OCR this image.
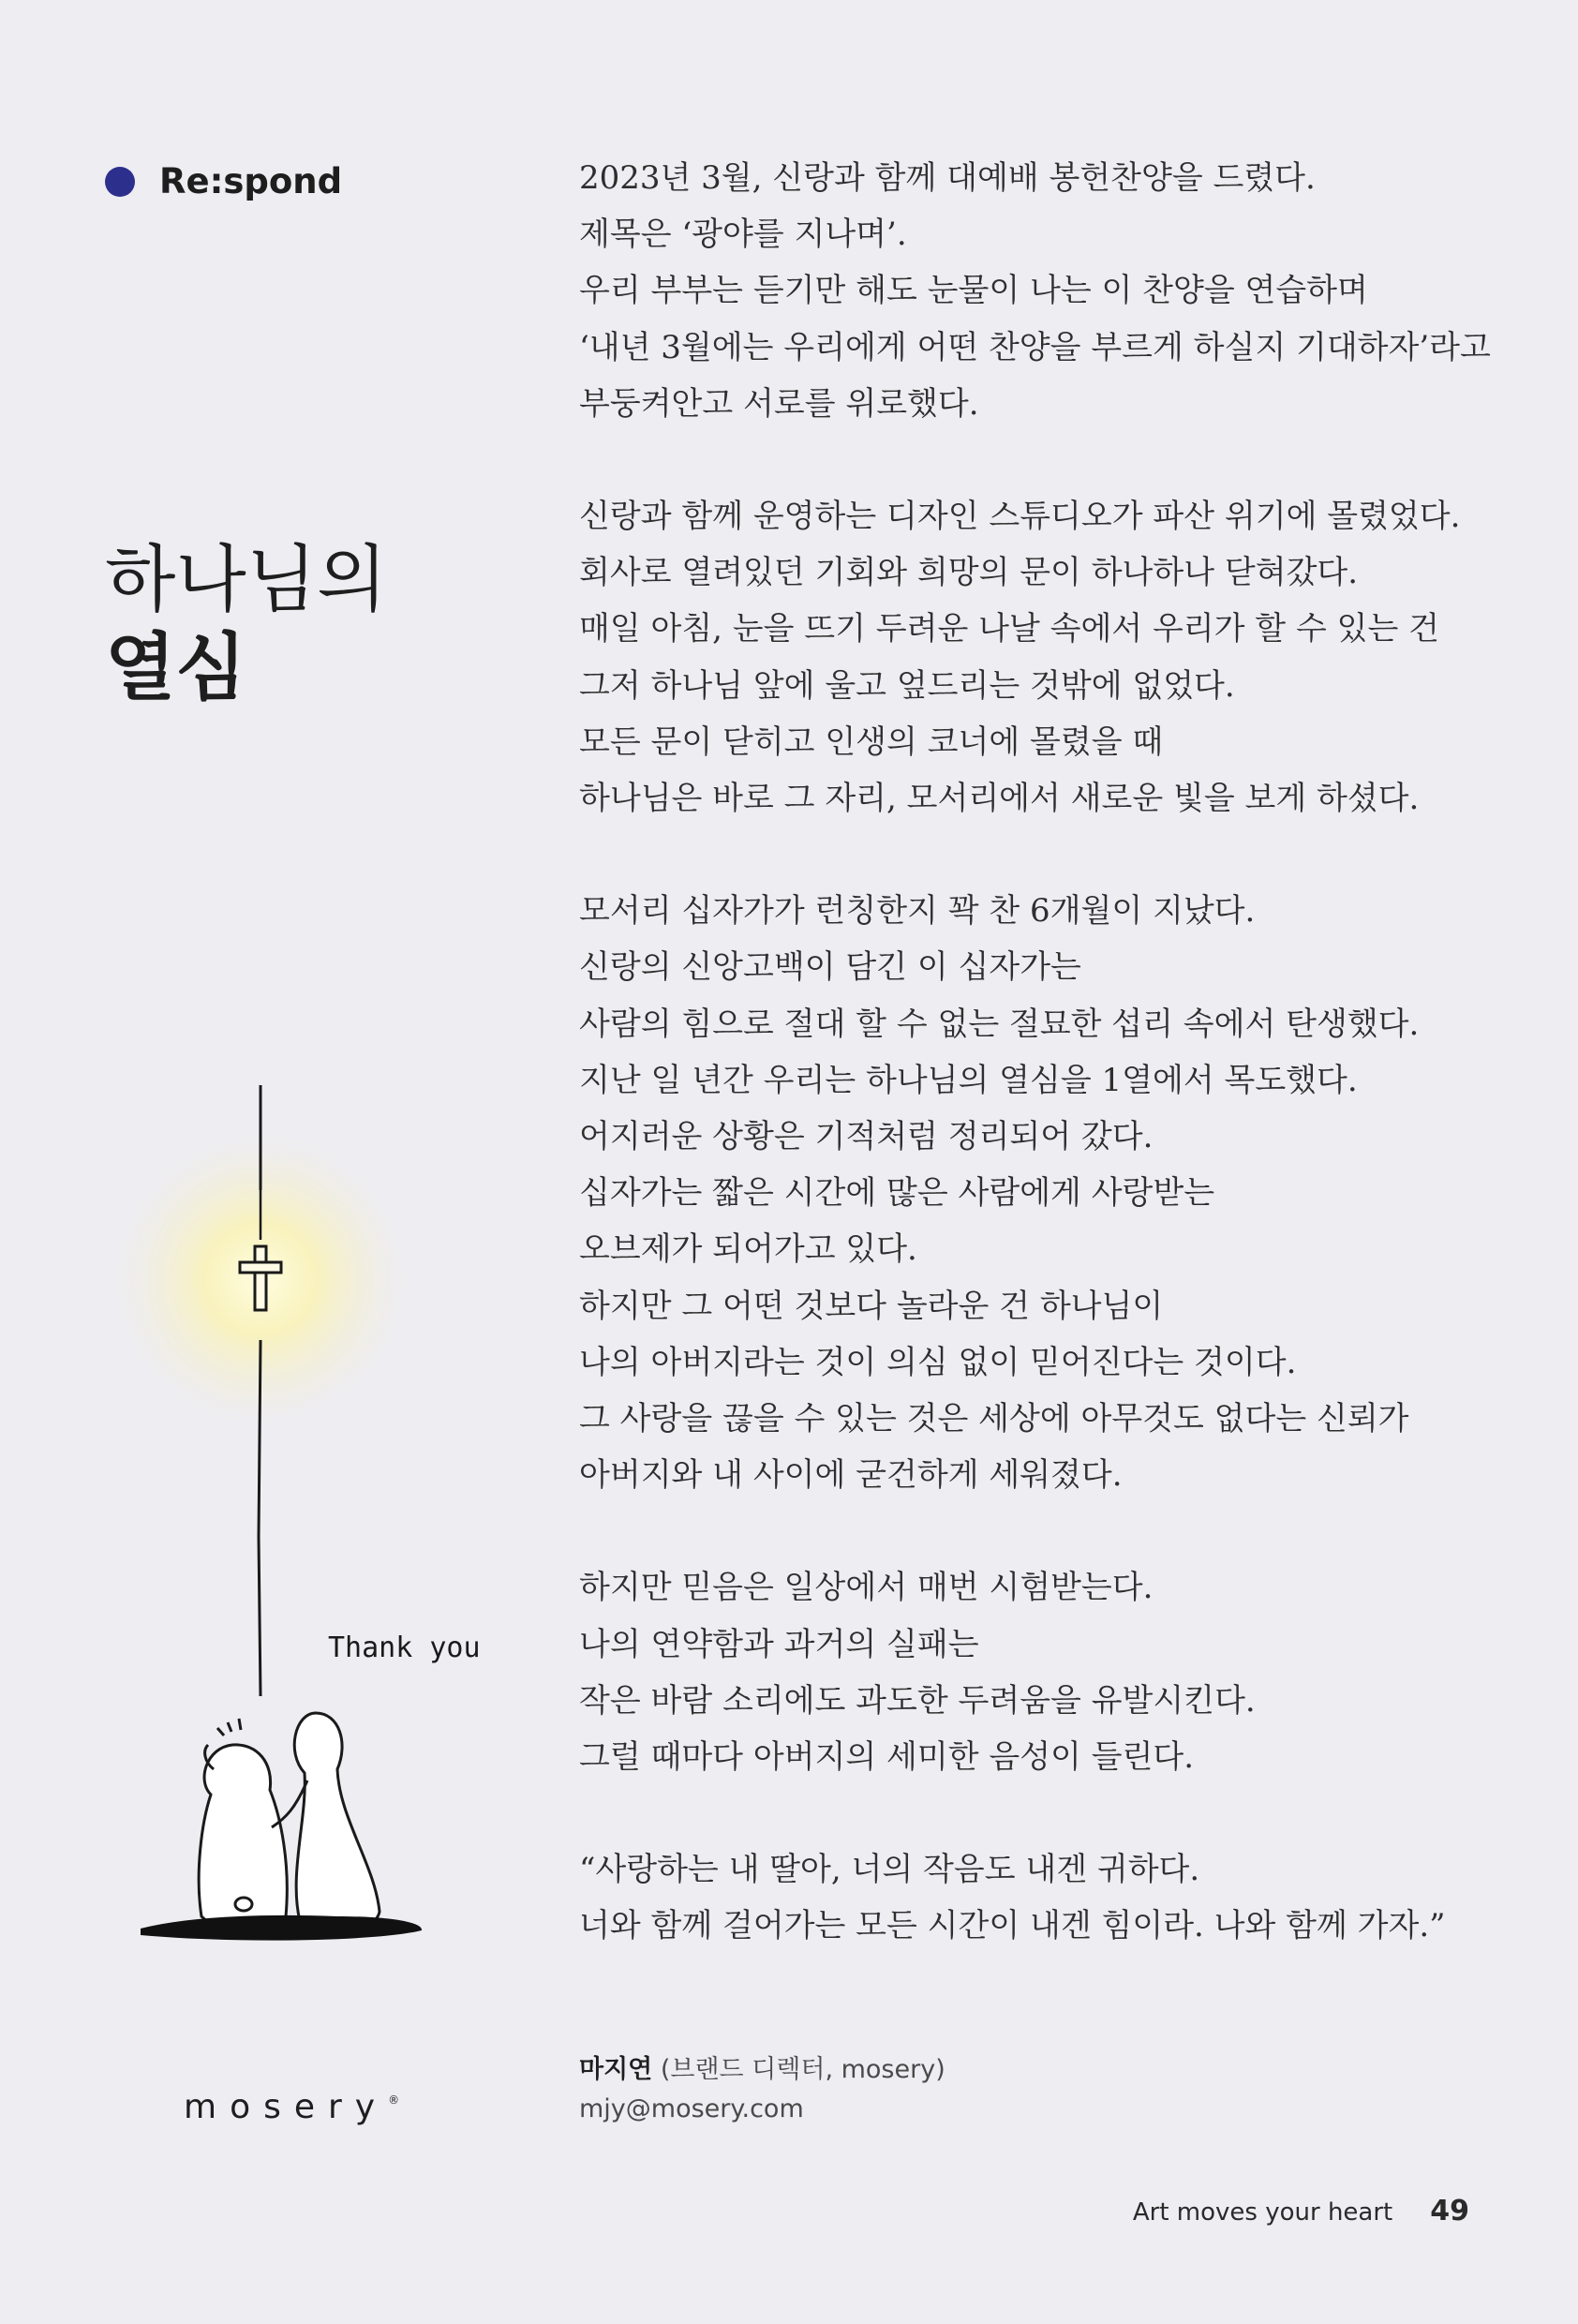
Re:spond
하나님의

열심

2023년 3월, 신랑과 함께 대예배 봉헌찬양을 드렸다.
제목은 ‘광야를 지나며’.
우리 부부는 듣기만 해도 눈물이 나는 이 찬양을 연습하며
‘내년 3월에는 우리에게 어떤 찬양을 부르게 하실지 기대하자’라고
부둥켜안고 서로를 위로했다.

신랑과 함께 운영하는 디자인 스튜디오가 파산 위기에 몰렸었다.
회사로 열려있던 기회와 희망의 문이 하나하나 닫혀갔다.
매일 아침, 눈을 뜨기 두려운 나날 속에서 우리가 할 수 있는 건
그저 하나님 앞에 울고 엎드리는 것밖에 없었다.
모든 문이 닫히고 인생의 코너에 몰렸을 때
하나님은 바로 그 자리, 모서리에서 새로운 빛을 보게 하셨다.

모서리 십자가가 런칭한지 꽉 찬 6개월이 지났다.
신랑의 신앙고백이 담긴 이 십자가는
사람의 힘으로 절대 할 수 없는 절묘한 섭리 속에서 탄생했다.
지난 일 년간 우리는 하나님의 열심을 1열에서 목도했다.
어지러운 상황은 기적처럼 정리되어 갔다.
십자가는 짧은 시간에 많은 사람에게 사랑받는
오브제가 되어가고 있다.
하지만 그 어떤 것보다 놀라운 건 하나님이
나의 아버지라는 것이 의심 없이 믿어진다는 것이다.
그 사랑을 끊을 수 있는 것은 세상에 아무것도 없다는 신뢰가
아버지와 내 사이에 굳건하게 세워졌다.

하지만 믿음은 일상에서 매번 시험받는다.
나의 연약함과 과거의 실패는
작은 바람 소리에도 과도한 두려움을 유발시킨다.
그럴 때마다 아버지의 세미한 음성이 들린다.

“사랑하는 내 딸아, 너의 작음도 내겐 귀하다.
너와 함께 걸어가는 모든 시간이 내겐 힘이라. 나와 함께 가자.”

Thank you
마지연 (브랜드 디렉터, mosery)
mjy@mosery.com
mosery®
Art moves your heart 49
